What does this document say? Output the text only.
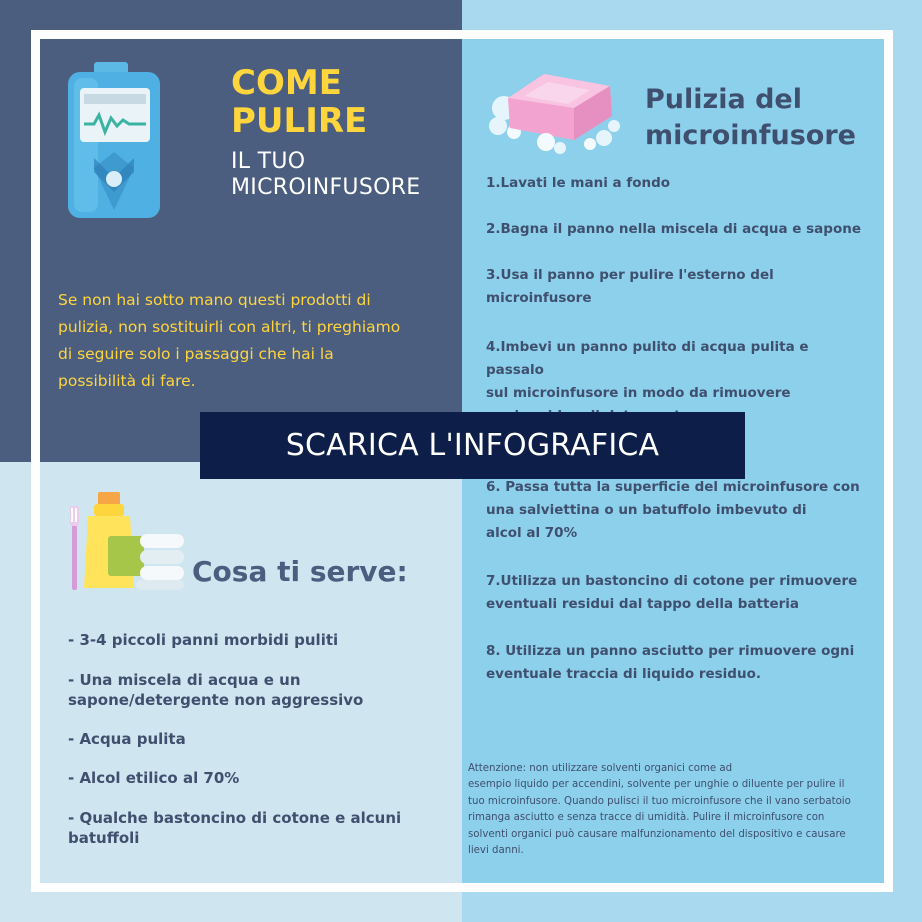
COME
PULIRE
IL TUO
MICROINFUSORE

Se non hai sotto mano questi prodotti di pulizia, non sostituirli con altri, ti preghiamo di seguire solo i passaggi che hai la possibilità di fare.

Pulizia del microinfusore
1.Lavati le mani a fondo
2.Bagna il panno nella miscela di acqua e sapone
3.Usa il panno per pulire l'esterno del
microinfusore
4.Imbevi un panno pulito di acqua pulita e passalo
sul microinfusore in modo da rimuovere

6. Passa tutta la superficie del microinfusore con
una salviettina o un batuffolo imbevuto di
alcol al 70%
7.Utilizza un bastoncino di cotone per rimuovere
eventuali residui dal tappo della batteria
8. Utilizza un panno asciutto per rimuovere ogni
eventuale traccia di liquido residuo.

Attenzione: non utilizzare solventi organici come ad
esempio liquido per accendini, solvente per unghie o diluente per pulire il
tuo microinfusore. Quando pulisci il tuo microinfusore che il vano serbatoio
rimanga asciutto e senza tracce di umidità. Pulire il microinfusore con
solventi organici può causare malfunzionamento del dispositivo e causare
lievi danni.

Cosa ti serve:
- 3-4 piccoli panni morbidi puliti
- Una miscela di acqua e un
sapone/detergente non aggressivo
- Acqua pulita
- Alcol etilico al 70%
- Qualche bastoncino di cotone e alcuni
batuffoli
SCARICA L'INFOGRAFICA
